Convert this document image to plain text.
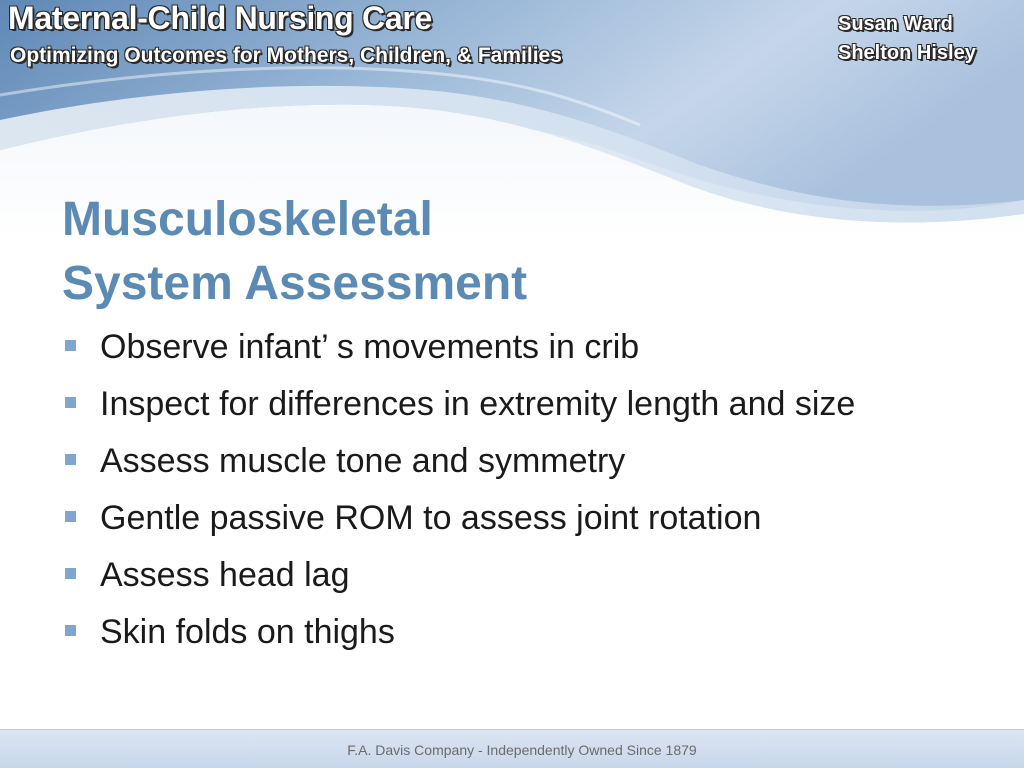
Maternal-Child Nursing Care
Optimizing Outcomes for Mothers, Children, & Families
Susan Ward
Shelton Hisley
Musculoskeletal
System Assessment
Observe infant’ s movements in crib
Inspect for differences in extremity length and size
Assess muscle tone and symmetry
Gentle passive ROM to assess joint rotation
Assess head lag
Skin folds on thighs
F.A. Davis Company - Independently Owned Since 1879
